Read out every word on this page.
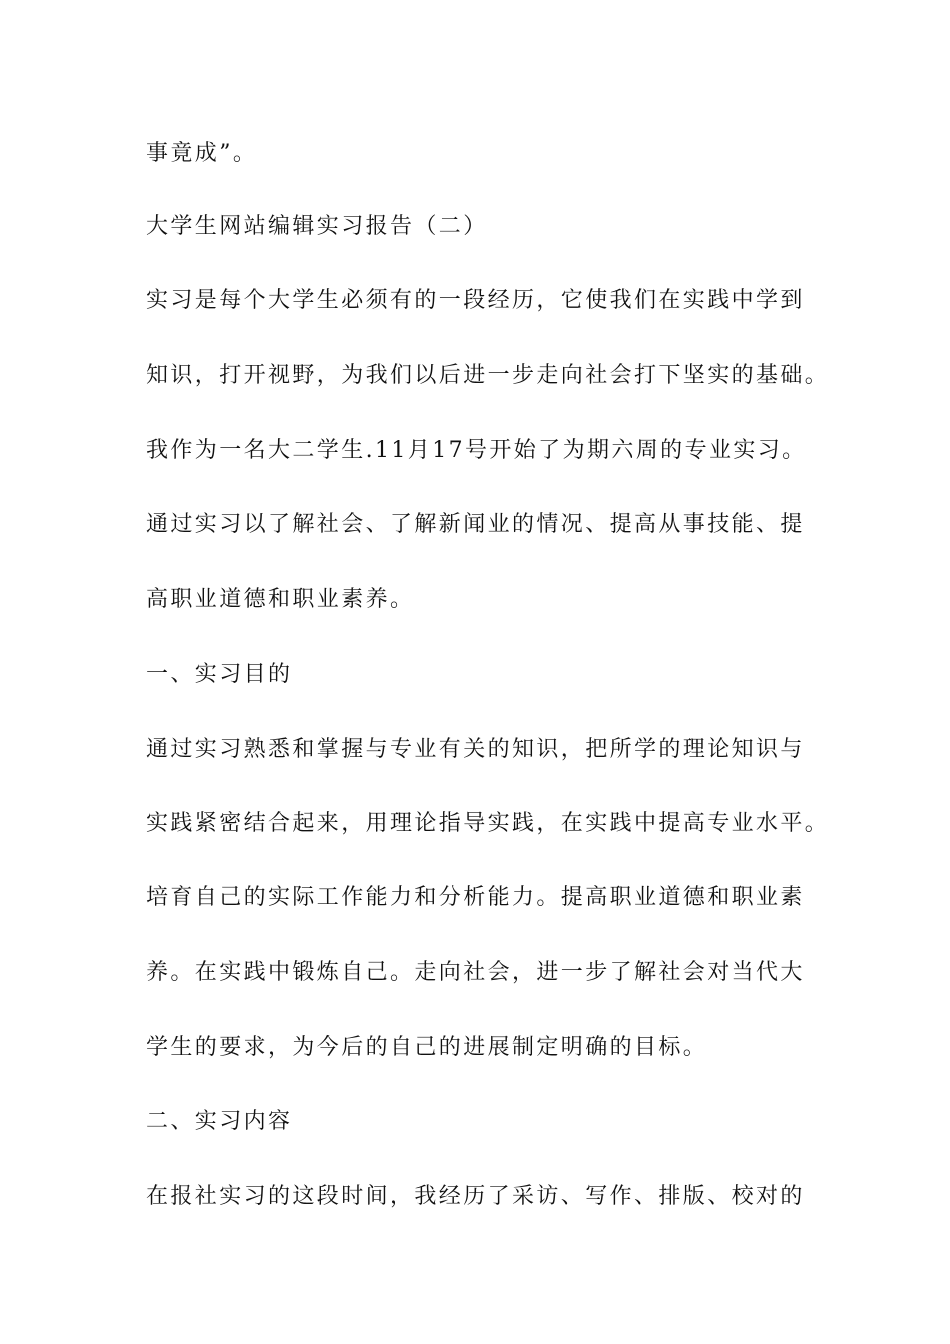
事竟成”。

大学生网站编辑实习报告（二）

实习是每个大学生必须有的一段经历，它使我们在实践中学到

知识，打开视野，为我们以后进一步走向社会打下坚实的基础。

我作为一名大二学生.11月17号开始了为期六周的专业实习。

通过实习以了解社会、了解新闻业的情况、提高从事技能、提

高职业道德和职业素养。

一、实习目的

通过实习熟悉和掌握与专业有关的知识，把所学的理论知识与

实践紧密结合起来，用理论指导实践，在实践中提高专业水平。

培育自己的实际工作能力和分析能力。提高职业道德和职业素

养。在实践中锻炼自己。走向社会，进一步了解社会对当代大

学生的要求，为今后的自己的进展制定明确的目标。

二、实习内容

在报社实习的这段时间，我经历了采访、写作、排版、校对的
